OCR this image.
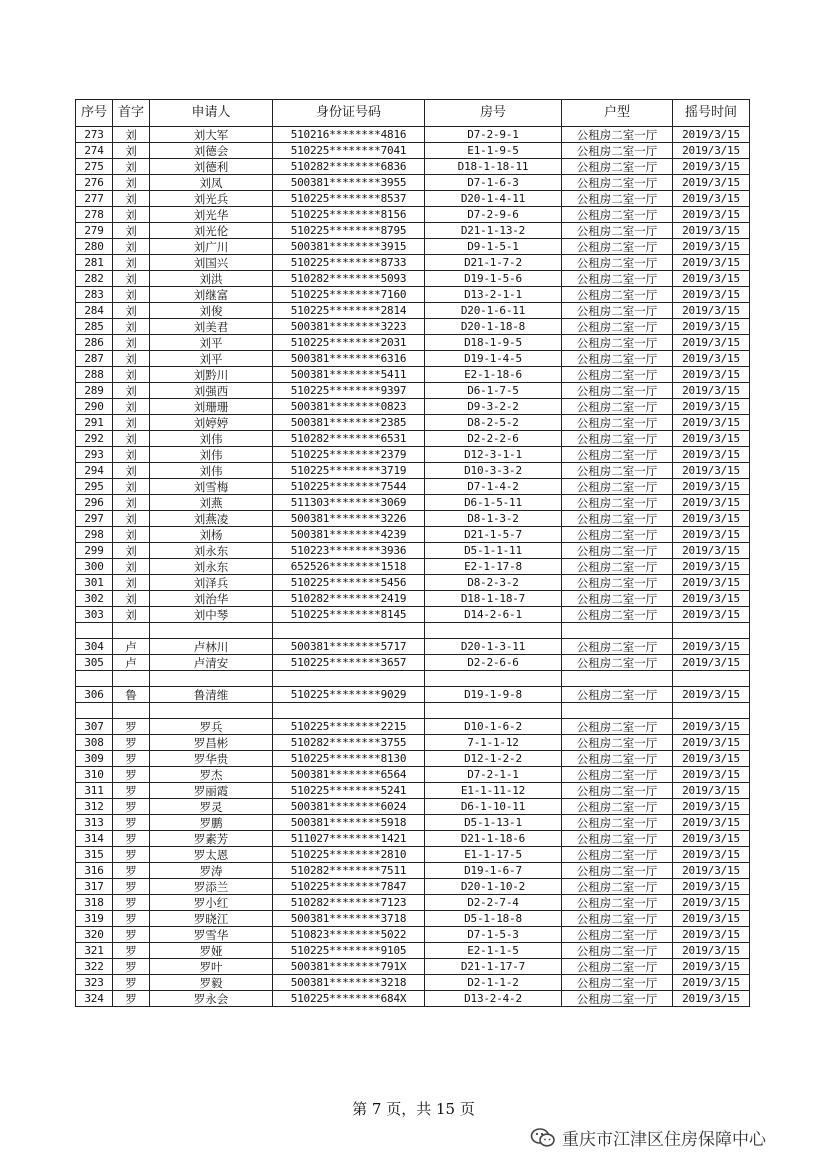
序号	首字	申请人	身份证号码	房号	户型	摇号时间
273	刘	刘大军	510216********4816	D7-2-9-1	公租房二室一厅	2019/3/15
274	刘	刘德会	510225********7041	E1-1-9-5	公租房二室一厅	2019/3/15
275	刘	刘德利	510282********6836	D18-1-18-11	公租房二室一厅	2019/3/15
276	刘	刘凤	500381********3955	D7-1-6-3	公租房二室一厅	2019/3/15
277	刘	刘光兵	510225********8537	D20-1-4-11	公租房二室一厅	2019/3/15
278	刘	刘光华	510225********8156	D7-2-9-6	公租房二室一厅	2019/3/15
279	刘	刘光伦	510225********8795	D21-1-13-2	公租房二室一厅	2019/3/15
280	刘	刘广川	500381********3915	D9-1-5-1	公租房二室一厅	2019/3/15
281	刘	刘国兴	510225********8733	D21-1-7-2	公租房二室一厅	2019/3/15
282	刘	刘洪	510282********5093	D19-1-5-6	公租房二室一厅	2019/3/15
283	刘	刘继富	510225********7160	D13-2-1-1	公租房二室一厅	2019/3/15
284	刘	刘俊	510225********2814	D20-1-6-11	公租房二室一厅	2019/3/15
285	刘	刘美君	500381********3223	D20-1-18-8	公租房二室一厅	2019/3/15
286	刘	刘平	510225********2031	D18-1-9-5	公租房二室一厅	2019/3/15
287	刘	刘平	500381********6316	D19-1-4-5	公租房二室一厅	2019/3/15
288	刘	刘黔川	500381********5411	E2-1-18-6	公租房二室一厅	2019/3/15
289	刘	刘强西	510225********9397	D6-1-7-5	公租房二室一厅	2019/3/15
290	刘	刘珊珊	500381********0823	D9-3-2-2	公租房二室一厅	2019/3/15
291	刘	刘婷婷	500381********2385	D8-2-5-2	公租房二室一厅	2019/3/15
292	刘	刘伟	510282********6531	D2-2-2-6	公租房二室一厅	2019/3/15
293	刘	刘伟	510225********2379	D12-3-1-1	公租房二室一厅	2019/3/15
294	刘	刘伟	510225********3719	D10-3-3-2	公租房二室一厅	2019/3/15
295	刘	刘雪梅	510225********7544	D7-1-4-2	公租房二室一厅	2019/3/15
296	刘	刘燕	511303********3069	D6-1-5-11	公租房二室一厅	2019/3/15
297	刘	刘燕凌	500381********3226	D8-1-3-2	公租房二室一厅	2019/3/15
298	刘	刘杨	500381********4239	D21-1-5-7	公租房二室一厅	2019/3/15
299	刘	刘永东	510223********3936	D5-1-1-11	公租房二室一厅	2019/3/15
300	刘	刘永东	652526********1518	E2-1-17-8	公租房二室一厅	2019/3/15
301	刘	刘泽兵	510225********5456	D8-2-3-2	公租房二室一厅	2019/3/15
302	刘	刘治华	510282********2419	D18-1-18-7	公租房二室一厅	2019/3/15
303	刘	刘中琴	510225********8145	D14-2-6-1	公租房二室一厅	2019/3/15

304	卢	卢林川	500381********5717	D20-1-3-11	公租房二室一厅	2019/3/15
305	卢	卢清安	510225********3657	D2-2-6-6	公租房二室一厅	2019/3/15

306	鲁	鲁清维	510225********9029	D19-1-9-8	公租房二室一厅	2019/3/15

307	罗	罗兵	510225********2215	D10-1-6-2	公租房二室一厅	2019/3/15
308	罗	罗昌彬	510282********3755	7-1-1-12	公租房二室一厅	2019/3/15
309	罗	罗华贵	510225********8130	D12-1-2-2	公租房二室一厅	2019/3/15
310	罗	罗杰	500381********6564	D7-2-1-1	公租房二室一厅	2019/3/15
311	罗	罗丽霞	510225********5241	E1-1-11-12	公租房二室一厅	2019/3/15
312	罗	罗灵	500381********6024	D6-1-10-11	公租房二室一厅	2019/3/15
313	罗	罗鹏	500381********5918	D5-1-13-1	公租房二室一厅	2019/3/15
314	罗	罗素芳	511027********1421	D21-1-18-6	公租房二室一厅	2019/3/15
315	罗	罗太恩	510225********2810	E1-1-17-5	公租房二室一厅	2019/3/15
316	罗	罗涛	510282********7511	D19-1-6-7	公租房二室一厅	2019/3/15
317	罗	罗添兰	510225********7847	D20-1-10-2	公租房二室一厅	2019/3/15
318	罗	罗小红	510282********7123	D2-2-7-4	公租房二室一厅	2019/3/15
319	罗	罗晓江	500381********3718	D5-1-18-8	公租房二室一厅	2019/3/15
320	罗	罗雪华	510823********5022	D7-1-5-3	公租房二室一厅	2019/3/15
321	罗	罗娅	510225********9105	E2-1-1-5	公租房二室一厅	2019/3/15
322	罗	罗叶	500381********791X	D21-1-17-7	公租房二室一厅	2019/3/15
323	罗	罗毅	500381********3218	D2-1-1-2	公租房二室一厅	2019/3/15
324	罗	罗永会	510225********684X	D13-2-4-2	公租房二室一厅	2019/3/15
第 7 页，共 15 页
重庆市江津区住房保障中心
